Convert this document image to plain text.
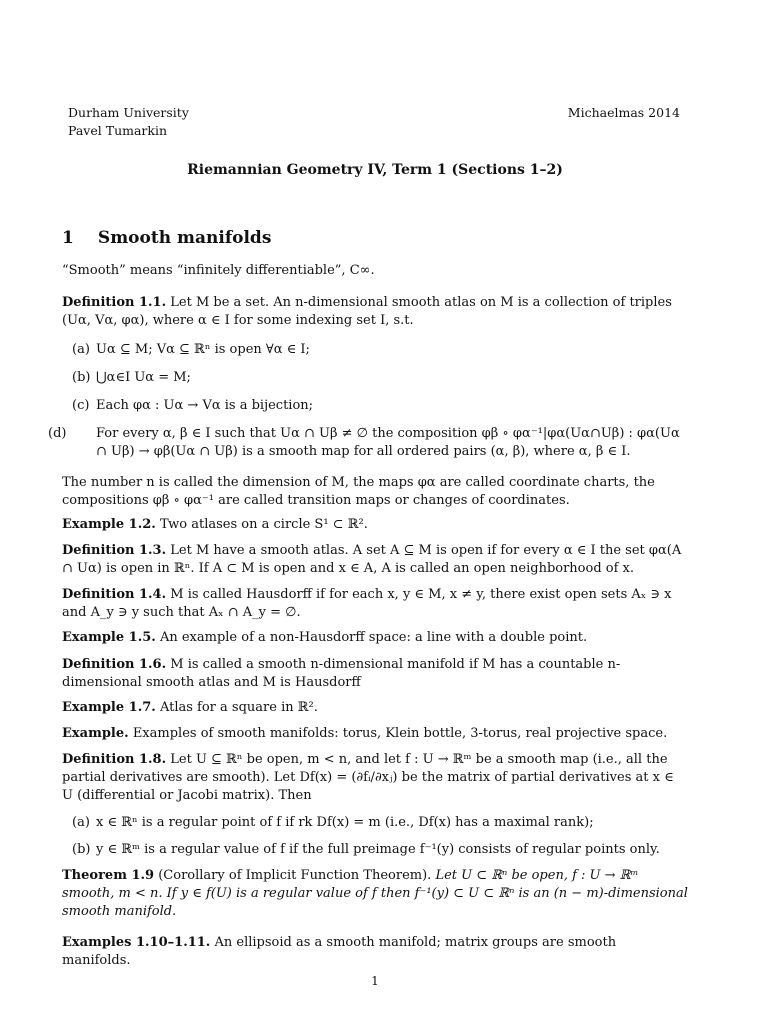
Durham University
Pavel Tumarkin
Michaelmas 2014
Riemannian Geometry IV, Term 1 (Sections 1–2)
1 Smooth manifolds
“Smooth” means “infinitely differentiable”, C∞.
Definition 1.1. Let M be a set. An n-dimensional smooth atlas on M is a collection of triples (Uα, Vα, φα), where α ∈ I for some indexing set I, s.t.
(a) Uα ⊆ M; Vα ⊆ ℝⁿ is open ∀α ∈ I;
(b) ⋃α∈I Uα = M;
(c) Each φα : Uα → Vα is a bijection;
(d) For every α, β ∈ I such that Uα ∩ Uβ ≠ ∅ the composition φβ ∘ φα⁻¹|φα(Uα∩Uβ) : φα(Uα ∩ Uβ) → φβ(Uα ∩ Uβ) is a smooth map for all ordered pairs (α, β), where α, β ∈ I.
The number n is called the dimension of M, the maps φα are called coordinate charts, the compositions φβ ∘ φα⁻¹ are called transition maps or changes of coordinates.
Example 1.2. Two atlases on a circle S¹ ⊂ ℝ².
Definition 1.3. Let M have a smooth atlas. A set A ⊆ M is open if for every α ∈ I the set φα(A ∩ Uα) is open in ℝⁿ. If A ⊂ M is open and x ∈ A, A is called an open neighborhood of x.
Definition 1.4. M is called Hausdorff if for each x, y ∈ M, x ≠ y, there exist open sets Aₓ ∋ x and A_y ∋ y such that Aₓ ∩ A_y = ∅.
Example 1.5. An example of a non-Hausdorff space: a line with a double point.
Definition 1.6. M is called a smooth n-dimensional manifold if M has a countable n-dimensional smooth atlas and M is Hausdorff
Example 1.7. Atlas for a square in ℝ².
Example. Examples of smooth manifolds: torus, Klein bottle, 3-torus, real projective space.
Definition 1.8. Let U ⊆ ℝⁿ be open, m < n, and let f : U → ℝᵐ be a smooth map (i.e., all the partial derivatives are smooth). Let Df(x) = (∂fᵢ/∂xⱼ) be the matrix of partial derivatives at x ∈ U (differential or Jacobi matrix). Then
(a) x ∈ ℝⁿ is a regular point of f if rk Df(x) = m (i.e., Df(x) has a maximal rank);
(b) y ∈ ℝᵐ is a regular value of f if the full preimage f⁻¹(y) consists of regular points only.
Theorem 1.9 (Corollary of Implicit Function Theorem). Let U ⊂ ℝⁿ be open, f : U → ℝᵐ smooth, m < n. If y ∈ f(U) is a regular value of f then f⁻¹(y) ⊂ U ⊂ ℝⁿ is an (n − m)-dimensional smooth manifold.
Examples 1.10–1.11. An ellipsoid as a smooth manifold; matrix groups are smooth manifolds.
1
